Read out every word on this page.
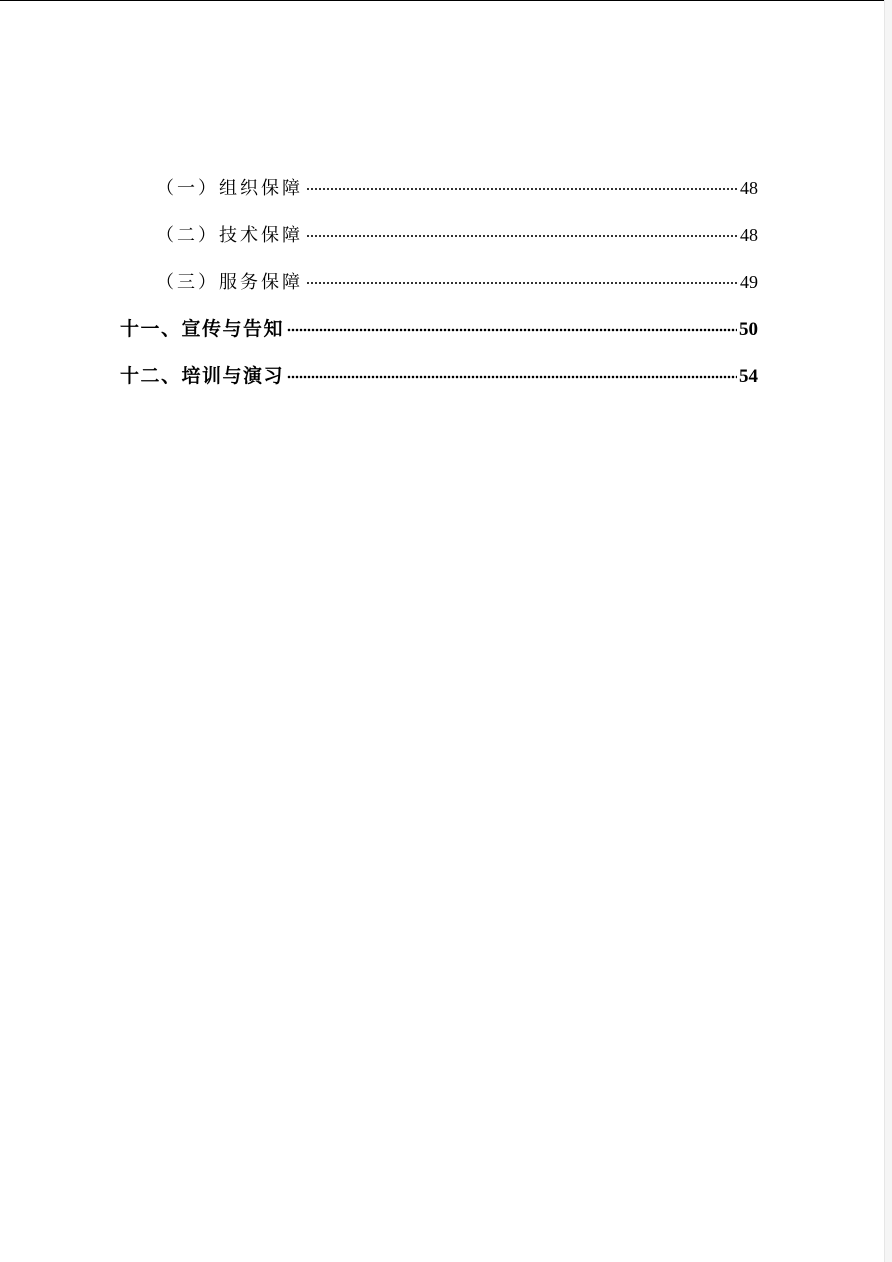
（一）组织保障	48
（二）技术保障	48
（三）服务保障	49
十一、宣传与告知	50
十二、培训与演习	54
